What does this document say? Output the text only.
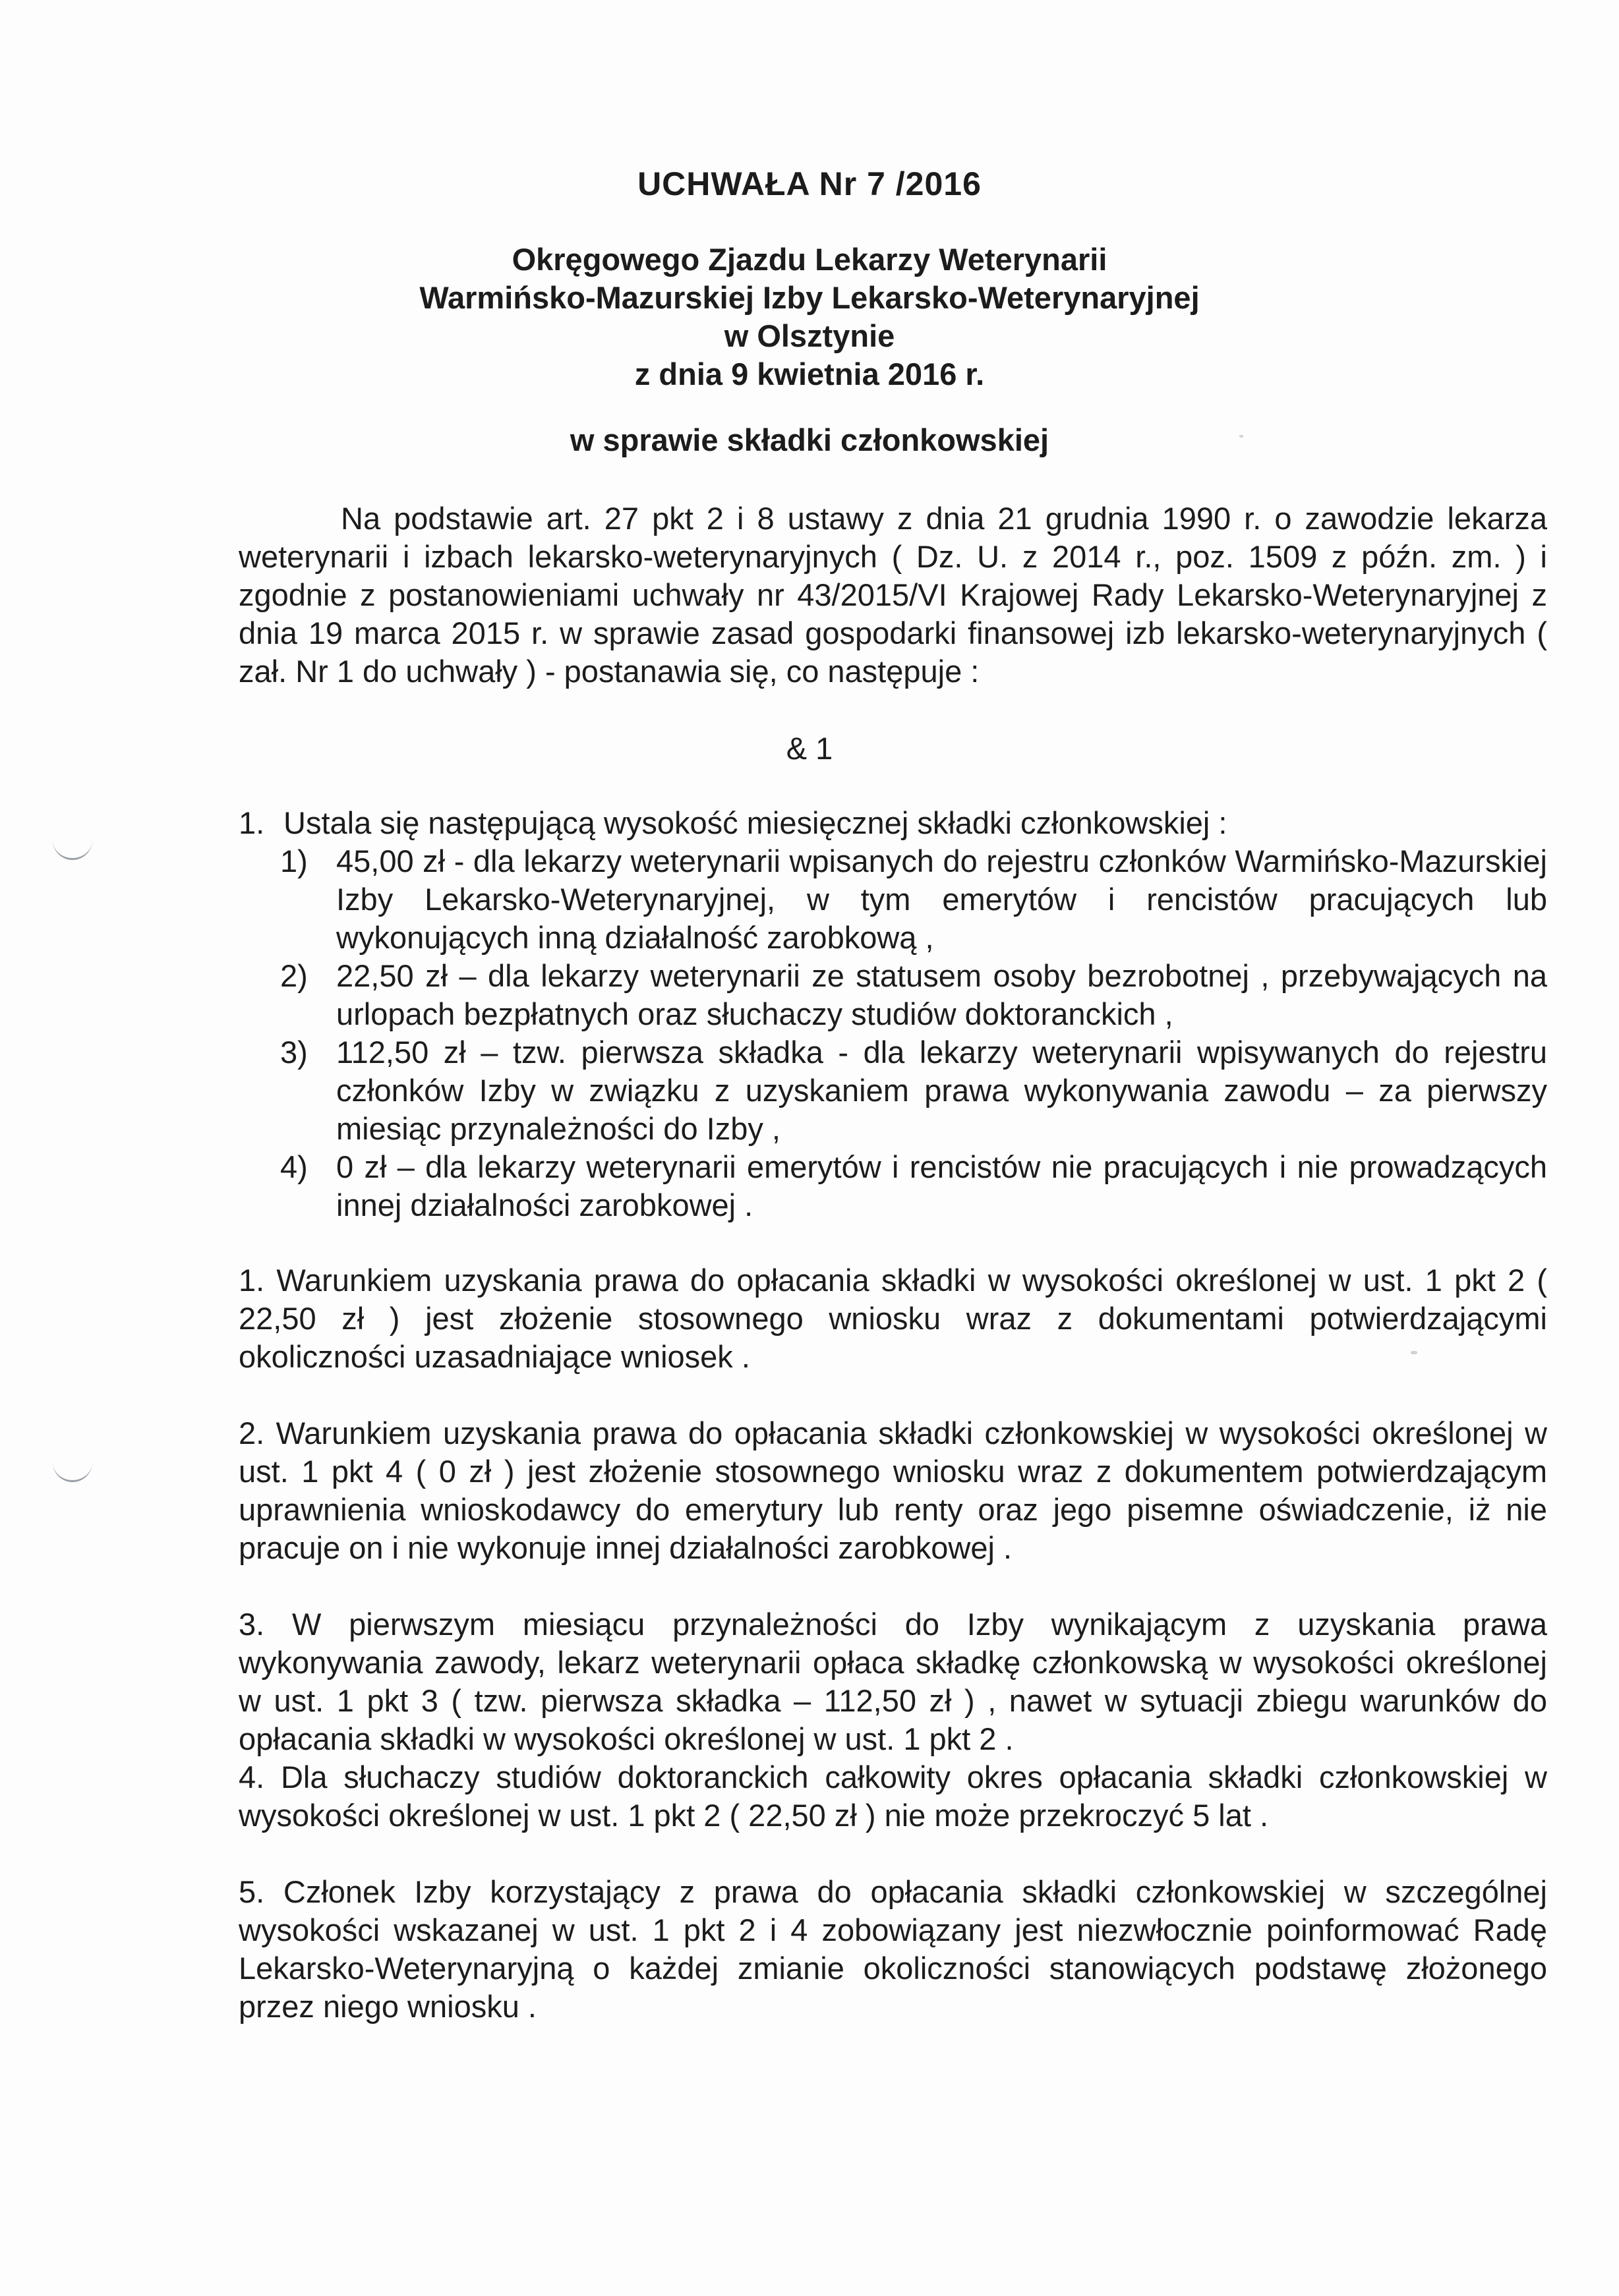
UCHWAŁA Nr 7 /2016
Okręgowego Zjazdu Lekarzy Weterynarii
Warmińsko-Mazurskiej Izby Lekarsko-Weterynaryjnej
w Olsztynie
z dnia 9 kwietnia 2016 r.
w sprawie składki członkowskiej
Na podstawie art. 27 pkt 2 i 8 ustawy z dnia 21 grudnia 1990 r. o zawodzie lekarza weterynarii i izbach lekarsko-weterynaryjnych ( Dz. U. z 2014 r., poz. 1509 z późn. zm. ) i zgodnie z postanowieniami uchwały nr 43/2015/VI Krajowej Rady Lekarsko-Weterynaryjnej z dnia 19 marca 2015 r. w sprawie zasad gospodarki finansowej izb lekarsko-weterynaryjnych ( zał. Nr 1 do uchwały ) - postanawia się, co następuje :
& 1
1. Ustala się następującą wysokość miesięcznej składki członkowskiej :
1) 45,00 zł - dla lekarzy weterynarii wpisanych do rejestru członków Warmińsko-Mazurskiej Izby Lekarsko-Weterynaryjnej, w tym emerytów i rencistów pracujących lub wykonujących inną działalność zarobkową ,
2) 22,50 zł – dla lekarzy weterynarii ze statusem osoby bezrobotnej , przebywających na urlopach bezpłatnych oraz słuchaczy studiów doktoranckich ,
3) 112,50 zł – tzw. pierwsza składka - dla lekarzy weterynarii wpisywanych do rejestru członków Izby w związku z uzyskaniem prawa wykonywania zawodu – za pierwszy miesiąc przynależności do Izby ,
4) 0 zł – dla lekarzy weterynarii emerytów i rencistów nie pracujących i nie prowadzących innej działalności zarobkowej .
1. Warunkiem uzyskania prawa do opłacania składki w wysokości określonej w ust. 1 pkt 2 ( 22,50 zł ) jest złożenie stosownego wniosku wraz z dokumentami potwierdzającymi okoliczności uzasadniające wniosek .
2. Warunkiem uzyskania prawa do opłacania składki członkowskiej w wysokości określonej w ust. 1 pkt 4 ( 0 zł ) jest złożenie stosownego wniosku wraz z dokumentem potwierdzającym uprawnienia wnioskodawcy do emerytury lub renty oraz jego pisemne oświadczenie, iż nie pracuje on i nie wykonuje innej działalności zarobkowej .
3. W pierwszym miesiącu przynależności do Izby wynikającym z uzyskania prawa wykonywania zawody, lekarz weterynarii opłaca składkę członkowską w wysokości określonej w ust. 1 pkt 3 ( tzw. pierwsza składka – 112,50 zł ) , nawet w sytuacji zbiegu warunków do opłacania składki w wysokości określonej w ust. 1 pkt 2 .
4. Dla słuchaczy studiów doktoranckich całkowity okres opłacania składki członkowskiej w wysokości określonej w ust. 1 pkt 2 ( 22,50 zł ) nie może przekroczyć 5 lat .
5. Członek Izby korzystający z prawa do opłacania składki członkowskiej w szczególnej wysokości wskazanej w ust. 1 pkt 2 i 4 zobowiązany jest niezwłocznie poinformować Radę Lekarsko-Weterynaryjną o każdej zmianie okoliczności stanowiących podstawę złożonego przez niego wniosku .
